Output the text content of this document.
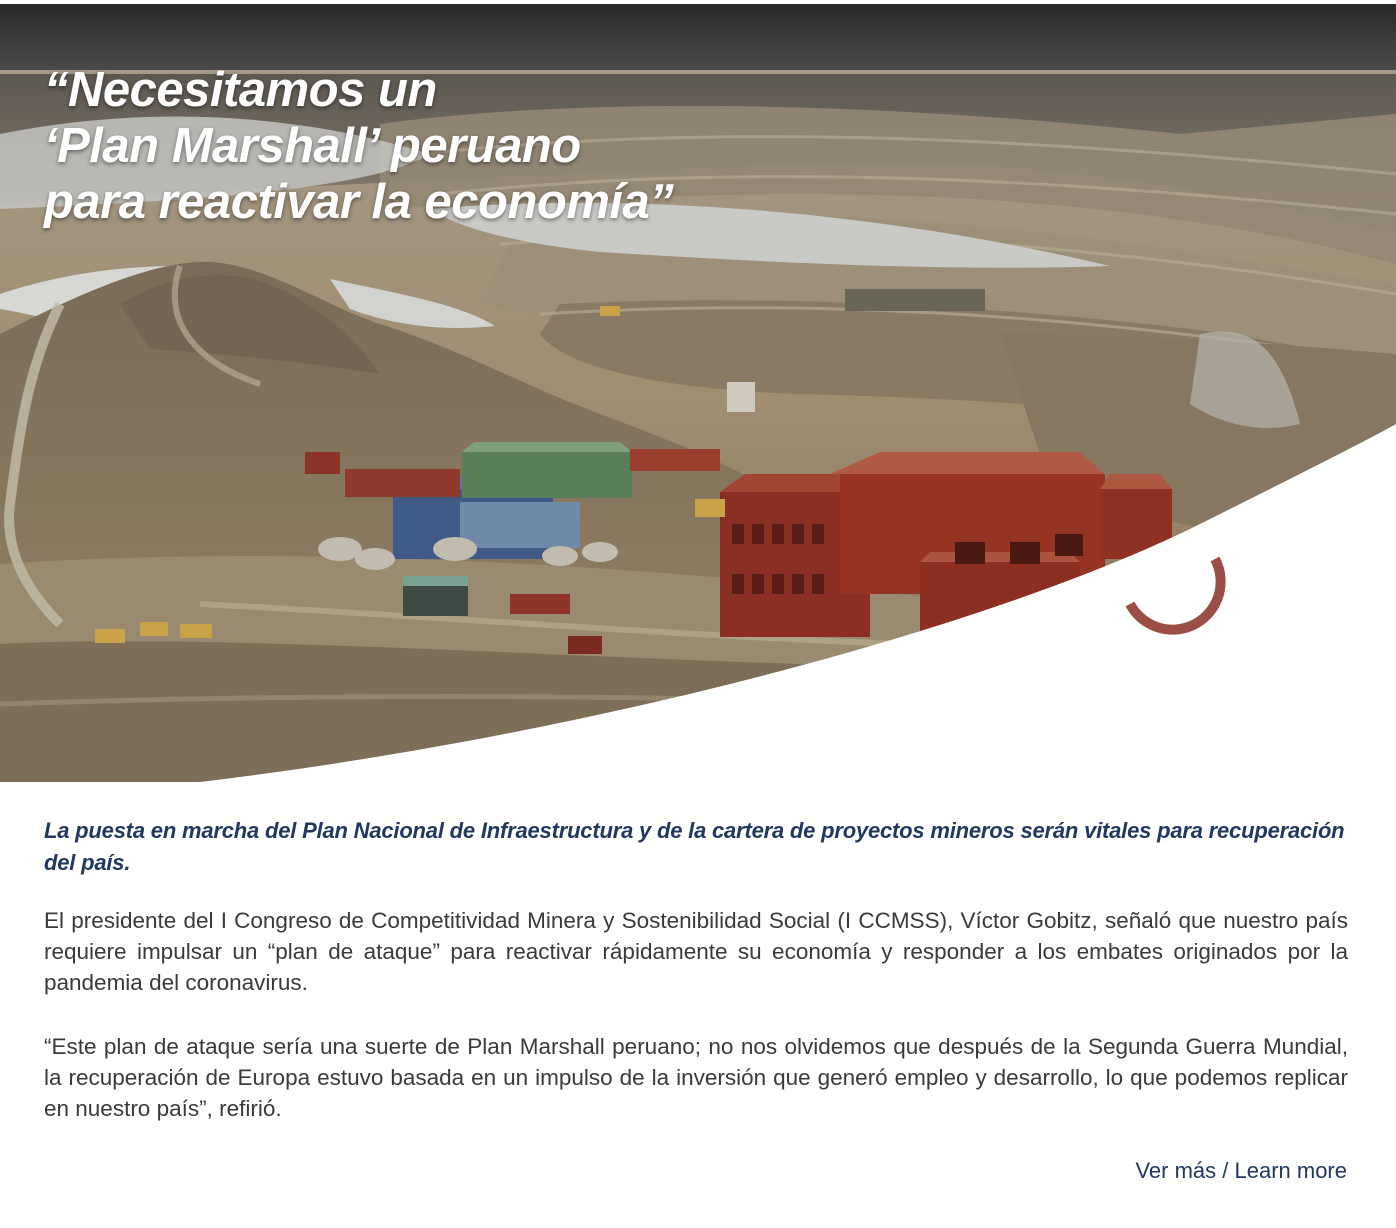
“Necesitamos un
‘Plan Marshall’ peruano
para reactivar la economía”

La puesta en marcha del Plan Nacional de Infraestructura y de la cartera de proyectos mineros serán vitales para recuperación del país.

El presidente del I Congreso de Competitividad Minera y Sostenibilidad Social (I CCMSS), Víctor Gobitz, señaló que nuestro país requiere impulsar un “plan de ataque” para reactivar rápidamente su economía y responder a los embates originados por la pandemia del coronavirus.

“Este plan de ataque sería una suerte de Plan Marshall peruano; no nos olvidemos que después de la Segunda Guerra Mundial, la recuperación de Europa estuvo basada en un impulso de la inversión que generó empleo y desarrollo, lo que podemos replicar en nuestro país”, refirió.

Ver más / Learn more
